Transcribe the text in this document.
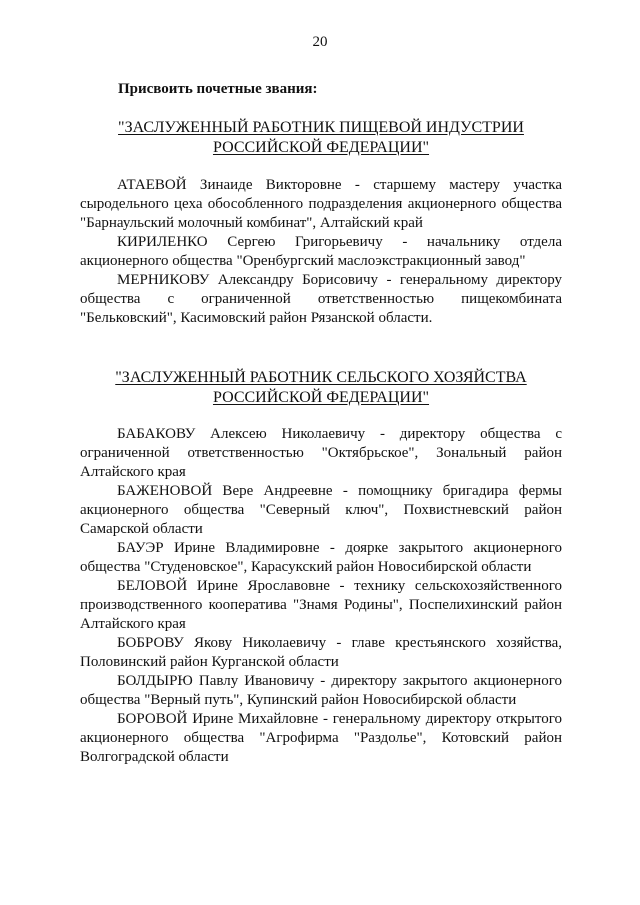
20
Присвоить почетные звания:
"ЗАСЛУЖЕННЫЙ РАБОТНИК ПИЩЕВОЙ ИНДУСТРИИ
РОССИЙСКОЙ ФЕДЕРАЦИИ"

АТАЕВОЙ Зинаиде Викторовне - старшему мастеру участка сыродельного цеха обособленного подразделения акционерного общества "Барнаульский молочный комбинат", Алтайский край

КИРИЛЕНКО Сергею Григорьевичу - начальнику отдела акционерного общества "Оренбургский маслоэкстракционный завод"

МЕРНИКОВУ Александру Борисовичу - генеральному директору общества с ограниченной ответственностью пищекомбината "Бельковский", Касимовский район Рязанской области.

"ЗАСЛУЖЕННЫЙ РАБОТНИК СЕЛЬСКОГО ХОЗЯЙСТВА
РОССИЙСКОЙ ФЕДЕРАЦИИ"

БАБАКОВУ Алексею Николаевичу - директору общества с ограниченной ответственностью "Октябрьское", Зональный район Алтайского края

БАЖЕНОВОЙ Вере Андреевне - помощнику бригадира фермы акционерного общества "Северный ключ", Похвистневский район Самарской области

БАУЭР Ирине Владимировне - доярке закрытого акционерного общества "Студеновское", Карасукский район Новосибирской области

БЕЛОВОЙ Ирине Ярославовне - технику сельскохозяйственного производственного кооператива "Знамя Родины", Поспелихинский район Алтайского края

БОБРОВУ Якову Николаевичу - главе крестьянского хозяйства, Половинский район Курганской области

БОЛДЫРЮ Павлу Ивановичу - директору закрытого акционерного общества "Верный путь", Купинский район Новосибирской области

БОРОВОЙ Ирине Михайловне - генеральному директору открытого акционерного общества "Агрофирма "Раздолье", Котовский район Волгоградской области
